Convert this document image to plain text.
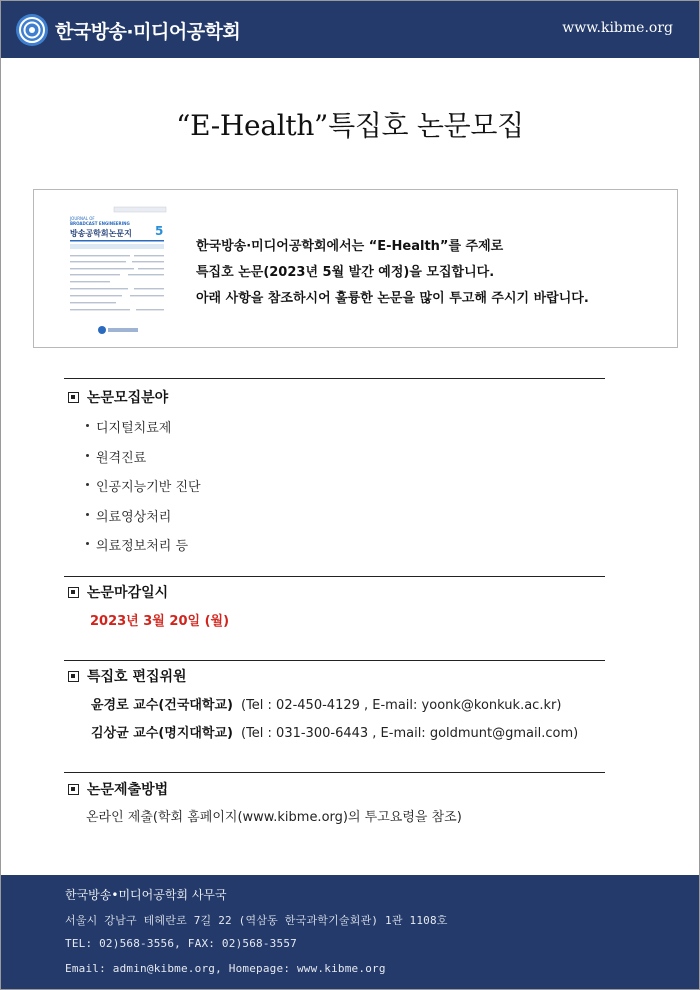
한국방송·미디어공학회	www.kibme.org
“E-Health”특집호 논문모집
JOURNAL OF
BROADCAST ENGINEERING
방송공학회논문지 5
한국방송·미디어공학회에서는 “E-Health”를 주제로
특집호 논문(2023년 5월 발간 예정)을 모집합니다.
아래 사항을 참조하시어 훌륭한 논문을 많이 투고해 주시기 바랍니다.
논문모집분야
디지털치료제
원격진료
인공지능기반 진단
의료영상처리
의료정보처리 등
논문마감일시
2023년 3월 20일 (월)
특집호 편집위원
윤경로 교수(건국대학교) (Tel : 02-450-4129 , E-mail: yoonk@konkuk.ac.kr)
김상균 교수(명지대학교) (Tel : 031-300-6443 , E-mail: goldmunt@gmail.com)
논문제출방법
온라인 제출(학회 홈페이지(www.kibme.org)의 투고요령을 참조)
한국방송•미디어공학회 사무국
서울시 강남구 테헤란로 7길 22 (역삼동 한국과학기술회관) 1관 1108호
TEL: 02)568-3556, FAX: 02)568-3557
Email: admin@kibme.org, Homepage: www.kibme.org
